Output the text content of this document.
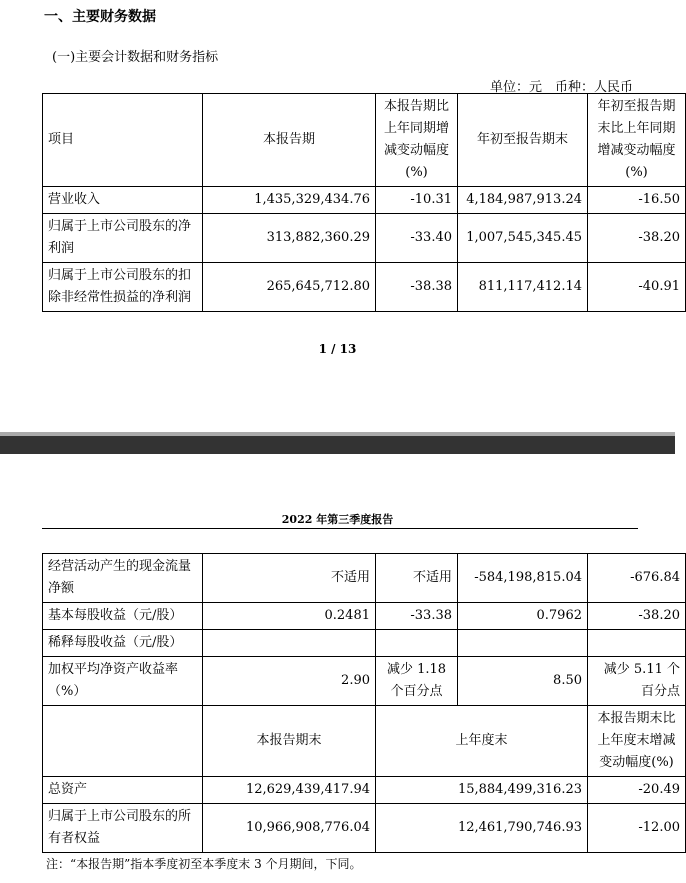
一、主要财务数据
(一)主要会计数据和财务指标
单位：元　币种：人民币
项目	本报告期	本报告期比上年同期增减变动幅度(%)	年初至报告期末	年初至报告期末比上年同期增减变动幅度(%)
营业收入	1,435,329,434.76	-10.31	4,184,987,913.24	-16.50
归属于上市公司股东的净利润	313,882,360.29	-33.40	1,007,545,345.45	-38.20
归属于上市公司股东的扣除非经常性损益的净利润	265,645,712.80	-38.38	811,117,412.14	-40.91
1 / 13
2022 年第三季度报告
经营活动产生的现金流量净额	不适用	不适用	-584,198,815.04	-676.84
基本每股收益（元/股）	0.2481	-33.38	0.7962	-38.20
稀释每股收益（元/股）				
加权平均净资产收益率（%）	2.90	减少 1.18 个百分点	8.50	减少 5.11 个百分点
	本报告期末	上年度末		本报告期末比上年度末增减变动幅度(%)
总资产	12,629,439,417.94	15,884,499,316.23		-20.49
归属于上市公司股东的所有者权益	10,966,908,776.04	12,461,790,746.93		-12.00
注：“本报告期”指本季度初至本季度末 3 个月期间，下同。
